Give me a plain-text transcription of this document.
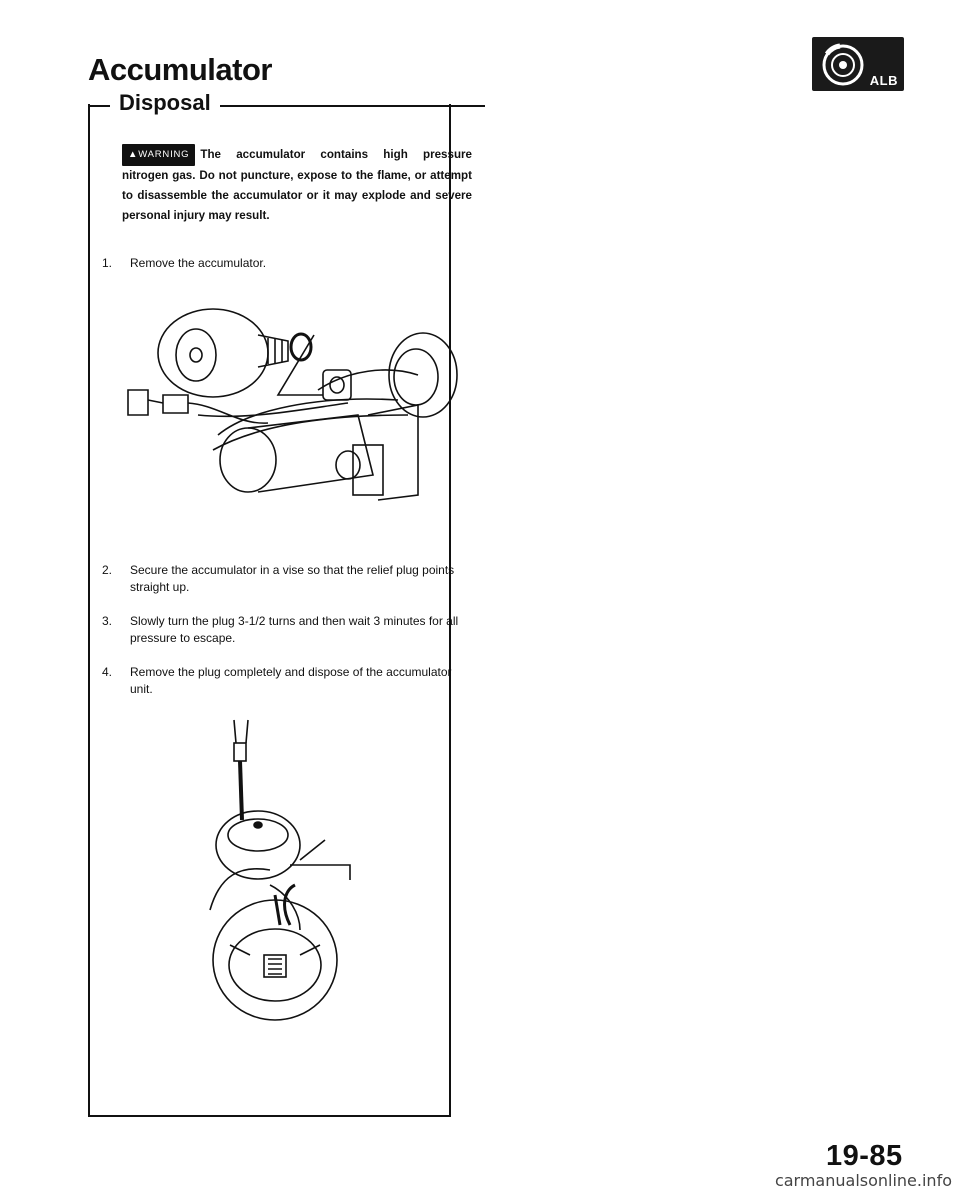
Accumulator	ALB
Disposal
▲WARNING The accumulator contains high pressure nitrogen gas. Do not puncture, expose to the flame, or attempt to disassemble the accumulator or it may explode and severe personal injury may result.
1. Remove the accumulator.
2. Secure the accumulator in a vise so that the relief plug points straight up.
3. Slowly turn the plug 3-1/2 turns and then wait 3 minutes for all pressure to escape.
4. Remove the plug completely and dispose of the accumulator unit.
19-85
carmanualsonline.info
